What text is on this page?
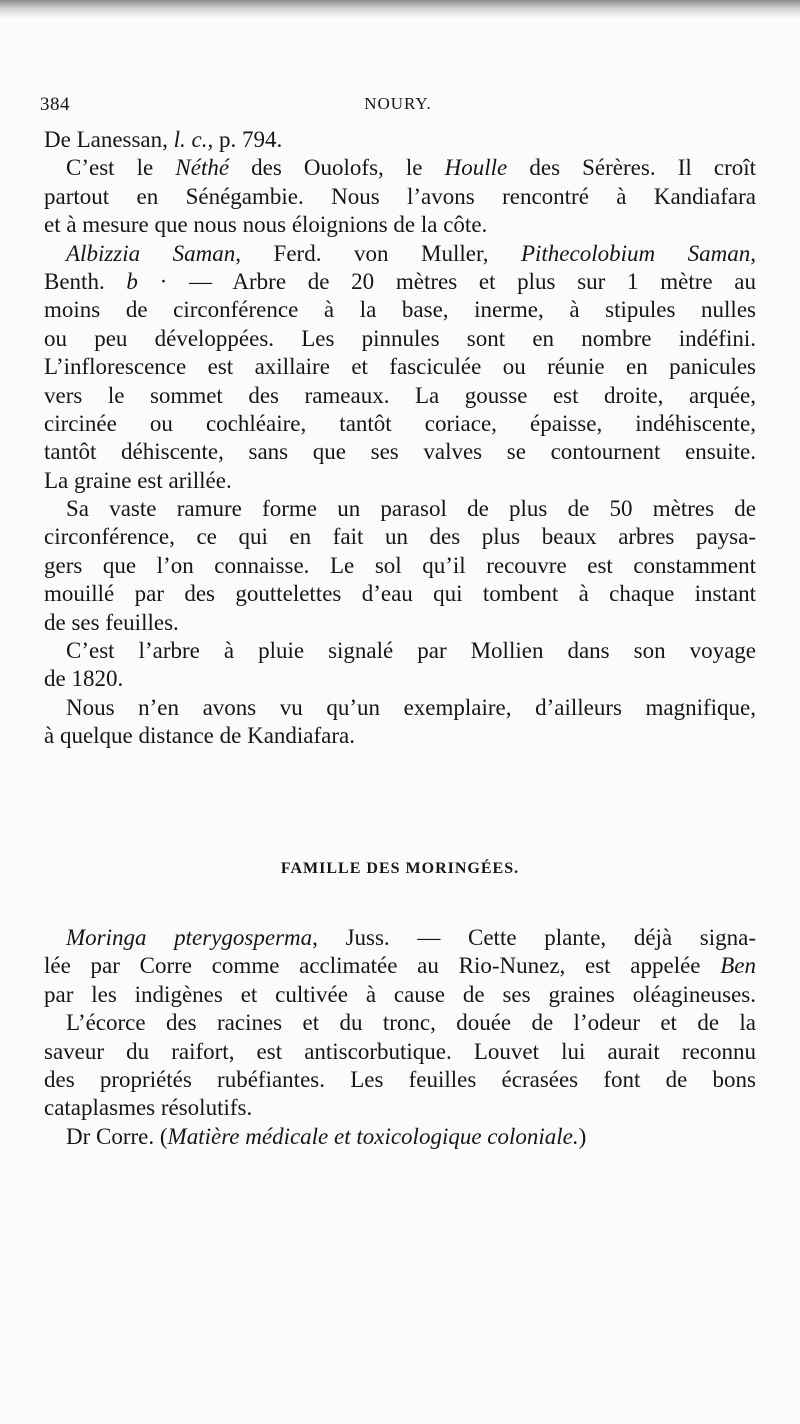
384	NOURY.
De Lanessan, l. c., p. 794.
C’est le Néthé des Ouolofs, le Houlle des Sérères. Il croît
partout en Sénégambie. Nous l’avons rencontré à Kandiafara
et à mesure que nous nous éloignions de la côte.
Albizzia Saman, Ferd. von Muller, Pithecolobium Saman,
Benth. b · — Arbre de 20 mètres et plus sur 1 mètre au
moins de circonférence à la base, inerme, à stipules nulles
ou peu développées. Les pinnules sont en nombre indéfini.
L’inflorescence est axillaire et fasciculée ou réunie en panicules
vers le sommet des rameaux. La gousse est droite, arquée,
circinée ou cochléaire, tantôt coriace, épaisse, indéhiscente,
tantôt déhiscente, sans que ses valves se contournent ensuite.
La graine est arillée.
Sa vaste ramure forme un parasol de plus de 50 mètres de
circonférence, ce qui en fait un des plus beaux arbres paysa-
gers que l’on connaisse. Le sol qu’il recouvre est constamment
mouillé par des gouttelettes d’eau qui tombent à chaque instant
de ses feuilles.
C’est l’arbre à pluie signalé par Mollien dans son voyage
de 1820.
Nous n’en avons vu qu’un exemplaire, d’ailleurs magnifique,
à quelque distance de Kandiafara.
FAMILLE DES MORINGÉES.
Moringa pterygosperma, Juss. — Cette plante, déjà signa-
lée par Corre comme acclimatée au Rio-Nunez, est appelée Ben
par les indigènes et cultivée à cause de ses graines oléagineuses.
L’écorce des racines et du tronc, douée de l’odeur et de la
saveur du raifort, est antiscorbutique. Louvet lui aurait reconnu
des propriétés rubéfiantes. Les feuilles écrasées font de bons
cataplasmes résolutifs.
Dr Corre. (Matière médicale et toxicologique coloniale.)
